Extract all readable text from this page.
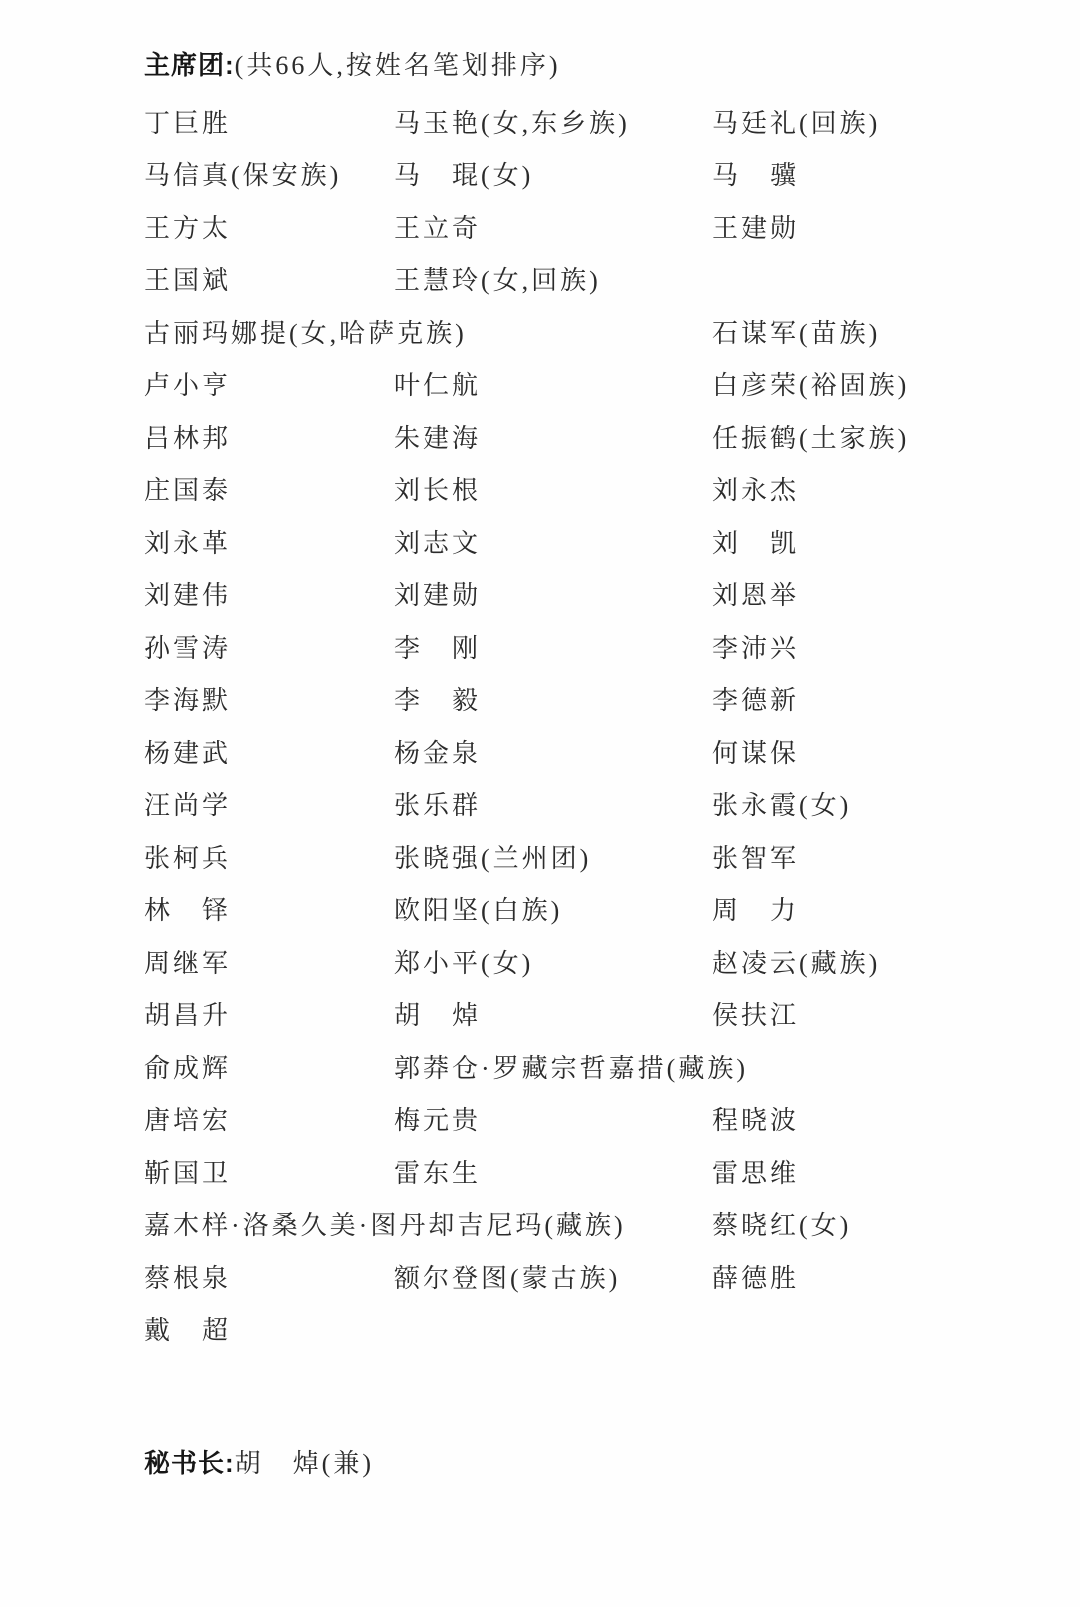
主席团:(共66人,按姓名笔划排序)
丁巨胜	马玉艳(女,东乡族)	马廷礼(回族)
马信真(保安族)	马　琨(女)	马　骥
王方太	王立奇	王建勋
王国斌	王慧玲(女,回族)
古丽玛娜提(女,哈萨克族)	石谋军(苗族)
卢小亨	叶仁航	白彦荣(裕固族)
吕林邦	朱建海	任振鹤(土家族)
庄国泰	刘长根	刘永杰
刘永革	刘志文	刘　凯
刘建伟	刘建勋	刘恩举
孙雪涛	李　刚	李沛兴
李海默	李　毅	李德新
杨建武	杨金泉	何谋保
汪尚学	张乐群	张永霞(女)
张柯兵	张晓强(兰州团)	张智军
林　铎	欧阳坚(白族)	周　力
周继军	郑小平(女)	赵凌云(藏族)
胡昌升	胡　焯	侯扶江
俞成辉	郭莽仓·罗藏宗哲嘉措(藏族)
唐培宏	梅元贵	程晓波
靳国卫	雷东生	雷思维
嘉木样·洛桑久美·图丹却吉尼玛(藏族)	蔡晓红(女)
蔡根泉	额尔登图(蒙古族)	薛德胜
戴　超
秘书长:胡　焯(兼)
